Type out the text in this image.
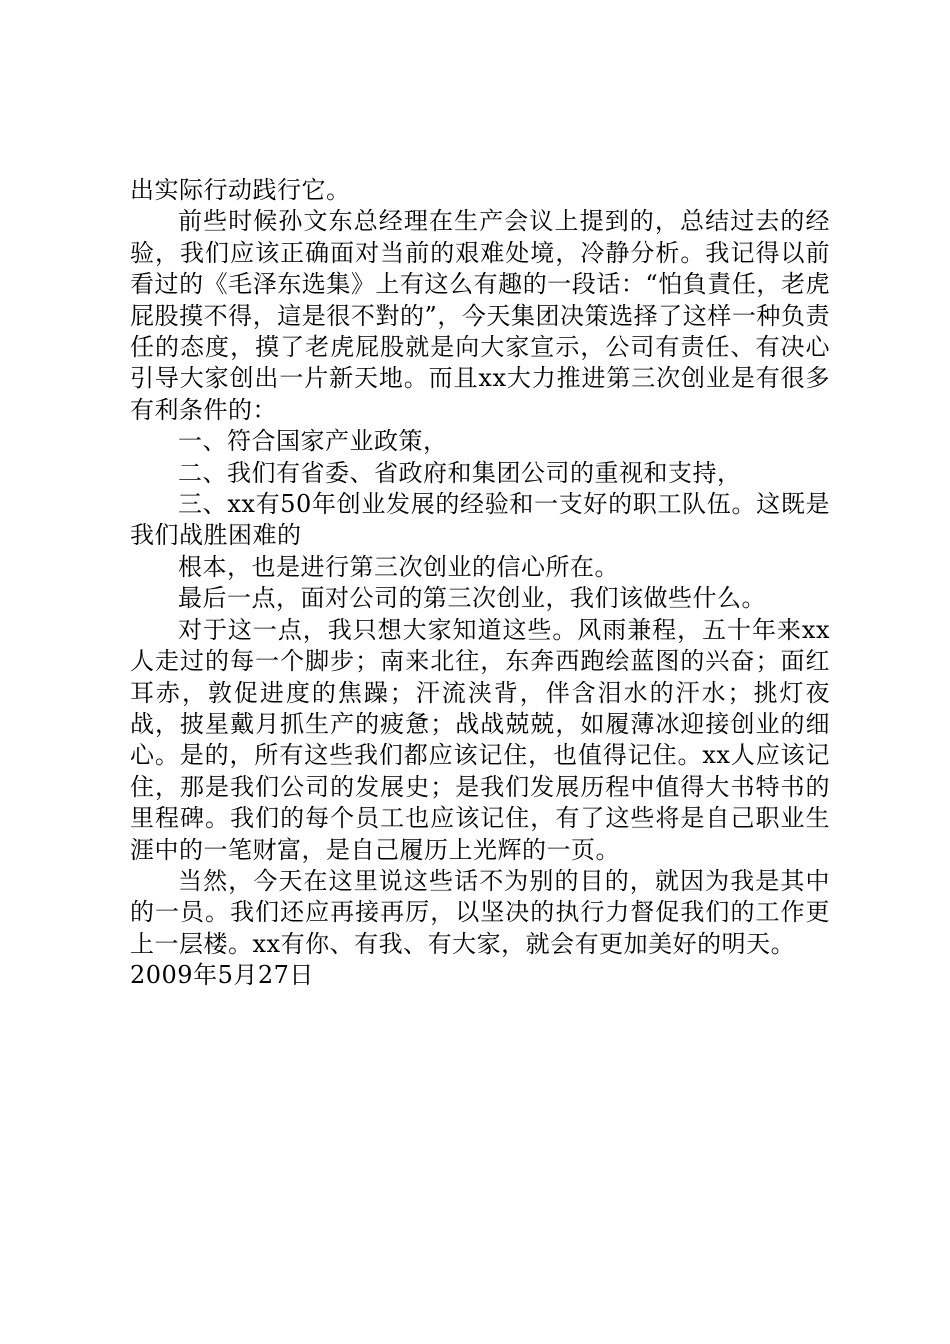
出实际行动践行它。

前些时候孙文东总经理在生产会议上提到的，总结过去的经验，我们应该正确面对当前的艰难处境，冷静分析。我记得以前看过的《毛泽东选集》上有这么有趣的一段话：“怕負責任，老虎屁股摸不得，這是很不對的”，今天集团决策选择了这样一种负责任的态度，摸了老虎屁股就是向大家宣示，公司有责任、有决心引导大家创出一片新天地。而且xx大力推进第三次创业是有很多有利条件的：

一、符合国家产业政策，

二、我们有省委、省政府和集团公司的重视和支持，

三、xx有50年创业发展的经验和一支好的职工队伍。这既是我们战胜困难的

根本，也是进行第三次创业的信心所在。

最后一点，面对公司的第三次创业，我们该做些什么。

对于这一点，我只想大家知道这些。风雨兼程，五十年来xx人走过的每一个脚步；南来北往，东奔西跑绘蓝图的兴奋；面红耳赤，敦促进度的焦躁；汗流浃背，伴含泪水的汗水；挑灯夜战，披星戴月抓生产的疲惫；战战兢兢，如履薄冰迎接创业的细心。是的，所有这些我们都应该记住，也值得记住。xx人应该记住，那是我们公司的发展史；是我们发展历程中值得大书特书的里程碑。我们的每个员工也应该记住，有了这些将是自己职业生涯中的一笔财富，是自己履历上光辉的一页。

当然，今天在这里说这些话不为别的目的，就因为我是其中的一员。我们还应再接再厉，以坚决的执行力督促我们的工作更上一层楼。xx有你、有我、有大家，就会有更加美好的明天。

2009年5月27日
